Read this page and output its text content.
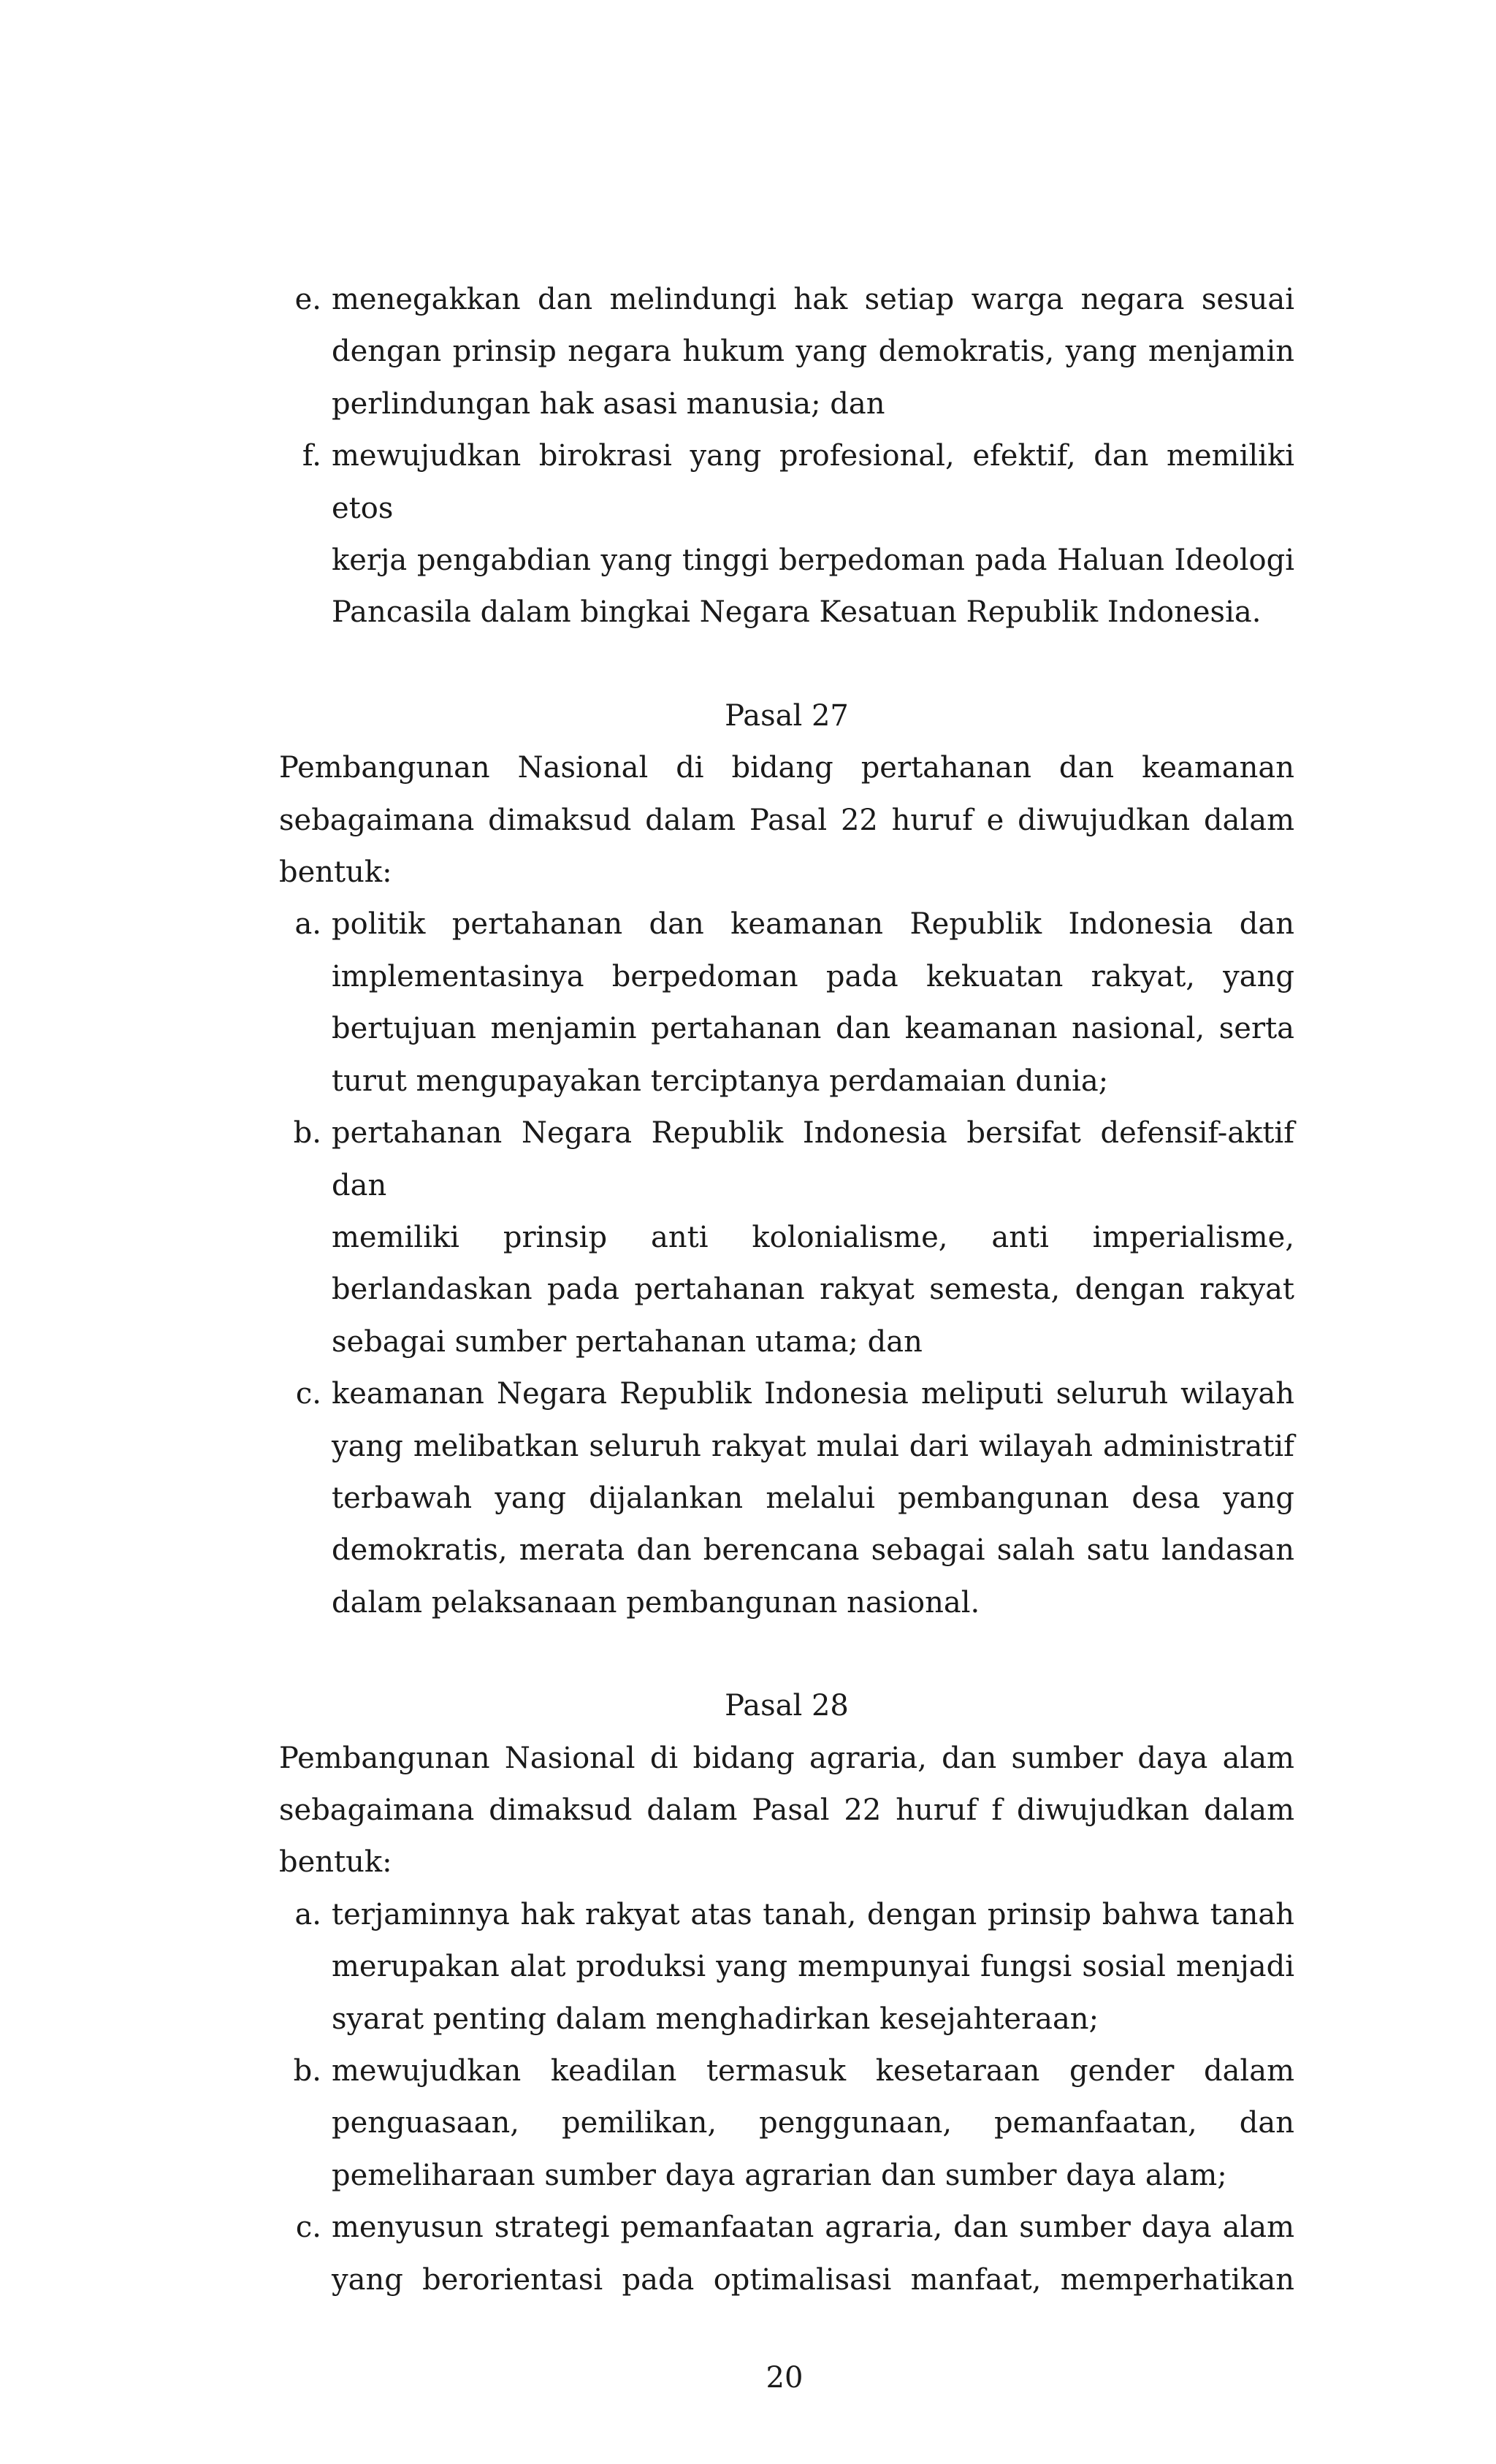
e. menegakkan dan melindungi hak setiap warga negara sesuai
dengan prinsip negara hukum yang demokratis, yang menjamin
perlindungan hak asasi manusia; dan
f. mewujudkan birokrasi yang profesional, efektif, dan memiliki etos
kerja pengabdian yang tinggi berpedoman pada Haluan Ideologi
Pancasila dalam bingkai Negara Kesatuan Republik Indonesia.
Pasal 27
Pembangunan Nasional di bidang pertahanan dan keamanan
sebagaimana dimaksud dalam Pasal 22 huruf e diwujudkan dalam
bentuk:
a. politik pertahanan dan keamanan Republik Indonesia dan
implementasinya berpedoman pada kekuatan rakyat, yang
bertujuan menjamin pertahanan dan keamanan nasional, serta
turut mengupayakan terciptanya perdamaian dunia;
b. pertahanan Negara Republik Indonesia bersifat defensif-aktif dan
memiliki prinsip anti kolonialisme, anti imperialisme,
berlandaskan pada pertahanan rakyat semesta, dengan rakyat
sebagai sumber pertahanan utama; dan
c. keamanan Negara Republik Indonesia meliputi seluruh wilayah
yang melibatkan seluruh rakyat mulai dari wilayah administratif
terbawah yang dijalankan melalui pembangunan desa yang
demokratis, merata dan berencana sebagai salah satu landasan
dalam pelaksanaan pembangunan nasional.
Pasal 28
Pembangunan Nasional di bidang agraria, dan sumber daya alam
sebagaimana dimaksud dalam Pasal 22 huruf f diwujudkan dalam
bentuk:
a. terjaminnya hak rakyat atas tanah, dengan prinsip bahwa tanah
merupakan alat produksi yang mempunyai fungsi sosial menjadi
syarat penting dalam menghadirkan kesejahteraan;
b. mewujudkan keadilan termasuk kesetaraan gender dalam
penguasaan, pemilikan, penggunaan, pemanfaatan, dan
pemeliharaan sumber daya agrarian dan sumber daya alam;
c. menyusun strategi pemanfaatan agraria, dan sumber daya alam
yang berorientasi pada optimalisasi manfaat, memperhatikan
20
